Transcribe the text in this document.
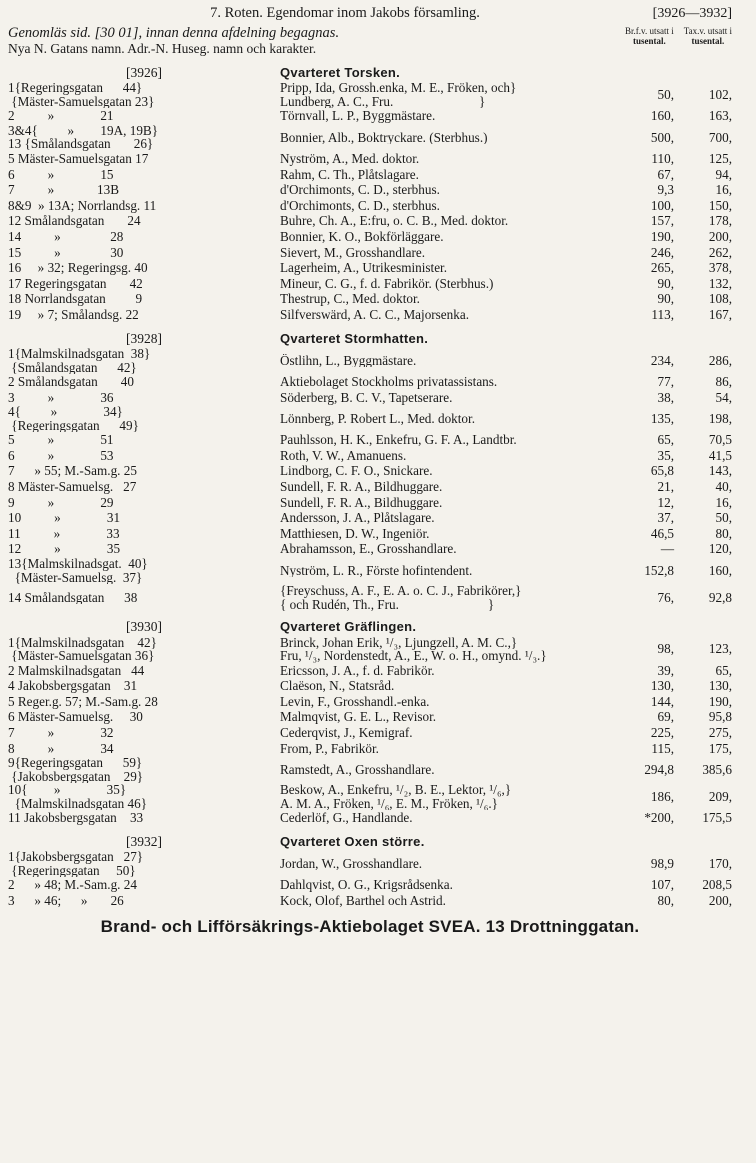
7. Roten. Egendomar inom Jakobs församling.	[3926—3932]
Genomläs sid. [30 01], innan denna afdelning begagnas.
Nya N. Gatans namn. Adr.-N. Huseg. namn och karakter.
Br.f.v. utsatt i
tusental.
Tax.v. utsatt i
tusental.
[3926]	Qvarteret Torsken.
1{Regeringsgatan      44}
{Mäster-Samuelsgatan 23}
Pripp, Ida, Grossh.enka, M. E., Fröken, och}
Lundberg, A. C., Fru.                          }	50,	102,
2          »              21	Törnvall, L. P., Byggmästare.	160,	163,
3&4{         »        19A, 19B}
13 {Smålandsgatan       26}	Bonnier, Alb., Boktryckare. (Sterbhus.)	500,	700,
5 Mäster-Samuelsgatan 17	Nyström, A., Med. doktor.	110,	125,
6          »              15	Rahm, C. Th., Plåtslagare.	67,	94,
7          »             13B	d'Orchimonts, C. D., sterbhus.	9,3	16,
8&9  » 13A; Norrlandsg. 11	d'Orchimonts, C. D., sterbhus.	100,	150,
12 Smålandsgatan       24	Buhre, Ch. A., E:fru, o. C. B., Med. doktor.	157,	178,
14          »               28	Bonnier, K. O., Bokförläggare.	190,	200,
15          »               30	Sievert, M., Grosshandlare.	246,	262,
16     » 32; Regeringsg. 40	Lagerheim, A., Utrikesminister.	265,	378,
17 Regeringsgatan       42	Mineur, C. G., f. d. Fabrikör. (Sterbhus.)	90,	132,
18 Norrlandsgatan         9	Thestrup, C., Med. doktor.	90,	108,
19     » 7; Smålandsg. 22	Silfverswärd, A. C. C., Majorsenka.	113,	167,
[3928]	Qvarteret Stormhatten.
1{Malmskilnadsgatan  38}
{Smålandsgatan      42}	Östlihn, L., Byggmästare.	234,	286,
2 Smålandsgatan       40	Aktiebolaget Stockholms privatassistans.	77,	86,
3          »              36	Söderberg, B. C. V., Tapetserare.	38,	54,
4{         »              34}
{Regeringsgatan      49}	Lönnberg, P. Robert L., Med. doktor.	135,	198,
5          »              51	Pauhlsson, H. K., Enkefru, G. F. A., Landtbr.	65,	70,5
6          »              53	Roth, V. W., Amanuens.	35,	41,5
7      » 55; M.-Sam.g. 25	Lindborg, C. F. O., Snickare.	65,8	143,
8 Mäster-Samuelsg.   27	Sundell, F. R. A., Bildhuggare.	21,	40,
9          »              29	Sundell, F. R. A., Bildhuggare.	12,	16,
10          »              31	Andersson, J. A., Plåtslagare.	37,	50,
11          »              33	Matthiesen, D. W., Ingeniör.	46,5	80,
12          »              35	Abrahamsson, E., Grosshandlare.	—	120,
13{Malmskilnadsgat.  40}
{Mäster-Samuelsg.  37}	Nyström, L. R., Förste hofintendent.	152,8	160,
14 Smålandsgatan      38	{Freyschuss, A. F., E. A. o. C. J., Fabrikörer,}
{ och Rudén, Th., Fru.                           }	76,	92,8
[3930]	Qvarteret Gräflingen.
1{Malmskilnadsgatan    42}
{Mäster-Samuelsgatan 36}
Brinck, Johan Erik, ¹/₃, Ljungzell, A. M. C.,}
Fru, ¹/₃, Nordenstedt, A., E., W. o. H., omynd. ¹/₃.}	98,	123,
2 Malmskilnadsgatan   44	Ericsson, J. A., f. d. Fabrikör.	39,	65,
4 Jakobsbergsgatan    31	Claëson, N., Statsråd.	130,	130,
5 Reger.g. 57; M.-Sam.g. 28	Levin, F., Grosshandl.-enka.	144,	190,
6 Mäster-Samuelsg.     30	Malmqvist, G. E. L., Revisor.	69,	95,8
7          »              32	Cederqvist, J., Kemigraf.	225,	275,
8          »              34	From, P., Fabrikör.	115,	175,
9{Regeringsgatan      59}
{Jakobsbergsgatan    29}	Ramstedt, A., Grosshandlare.	294,8	385,6
10{        »              35}
{Malmskilnadsgatan 46}
Beskow, A., Enkefru, ¹/₂, B. E., Lektor, ¹/₆,}
A. M. A., Fröken, ¹/₆, E. M., Fröken, ¹/₆.}	186,	209,
11 Jakobsbergsgatan    33	Cederlöf, G., Handlande.	*200,	175,5
[3932]	Qvarteret Oxen större.
1{Jakobsbergsgatan   27}
{Regeringsgatan     50}	Jordan, W., Grosshandlare.	98,9	170,
2      » 48; M.-Sam.g. 24	Dahlqvist, O. G., Krigsrådsenka.	107,	208,5
3      » 46;      »       26	Kock, Olof, Barthel och Astrid.	80,	200,
Brand- och Lifförsäkrings-Aktiebolaget SVEA. 13 Drottninggatan.
